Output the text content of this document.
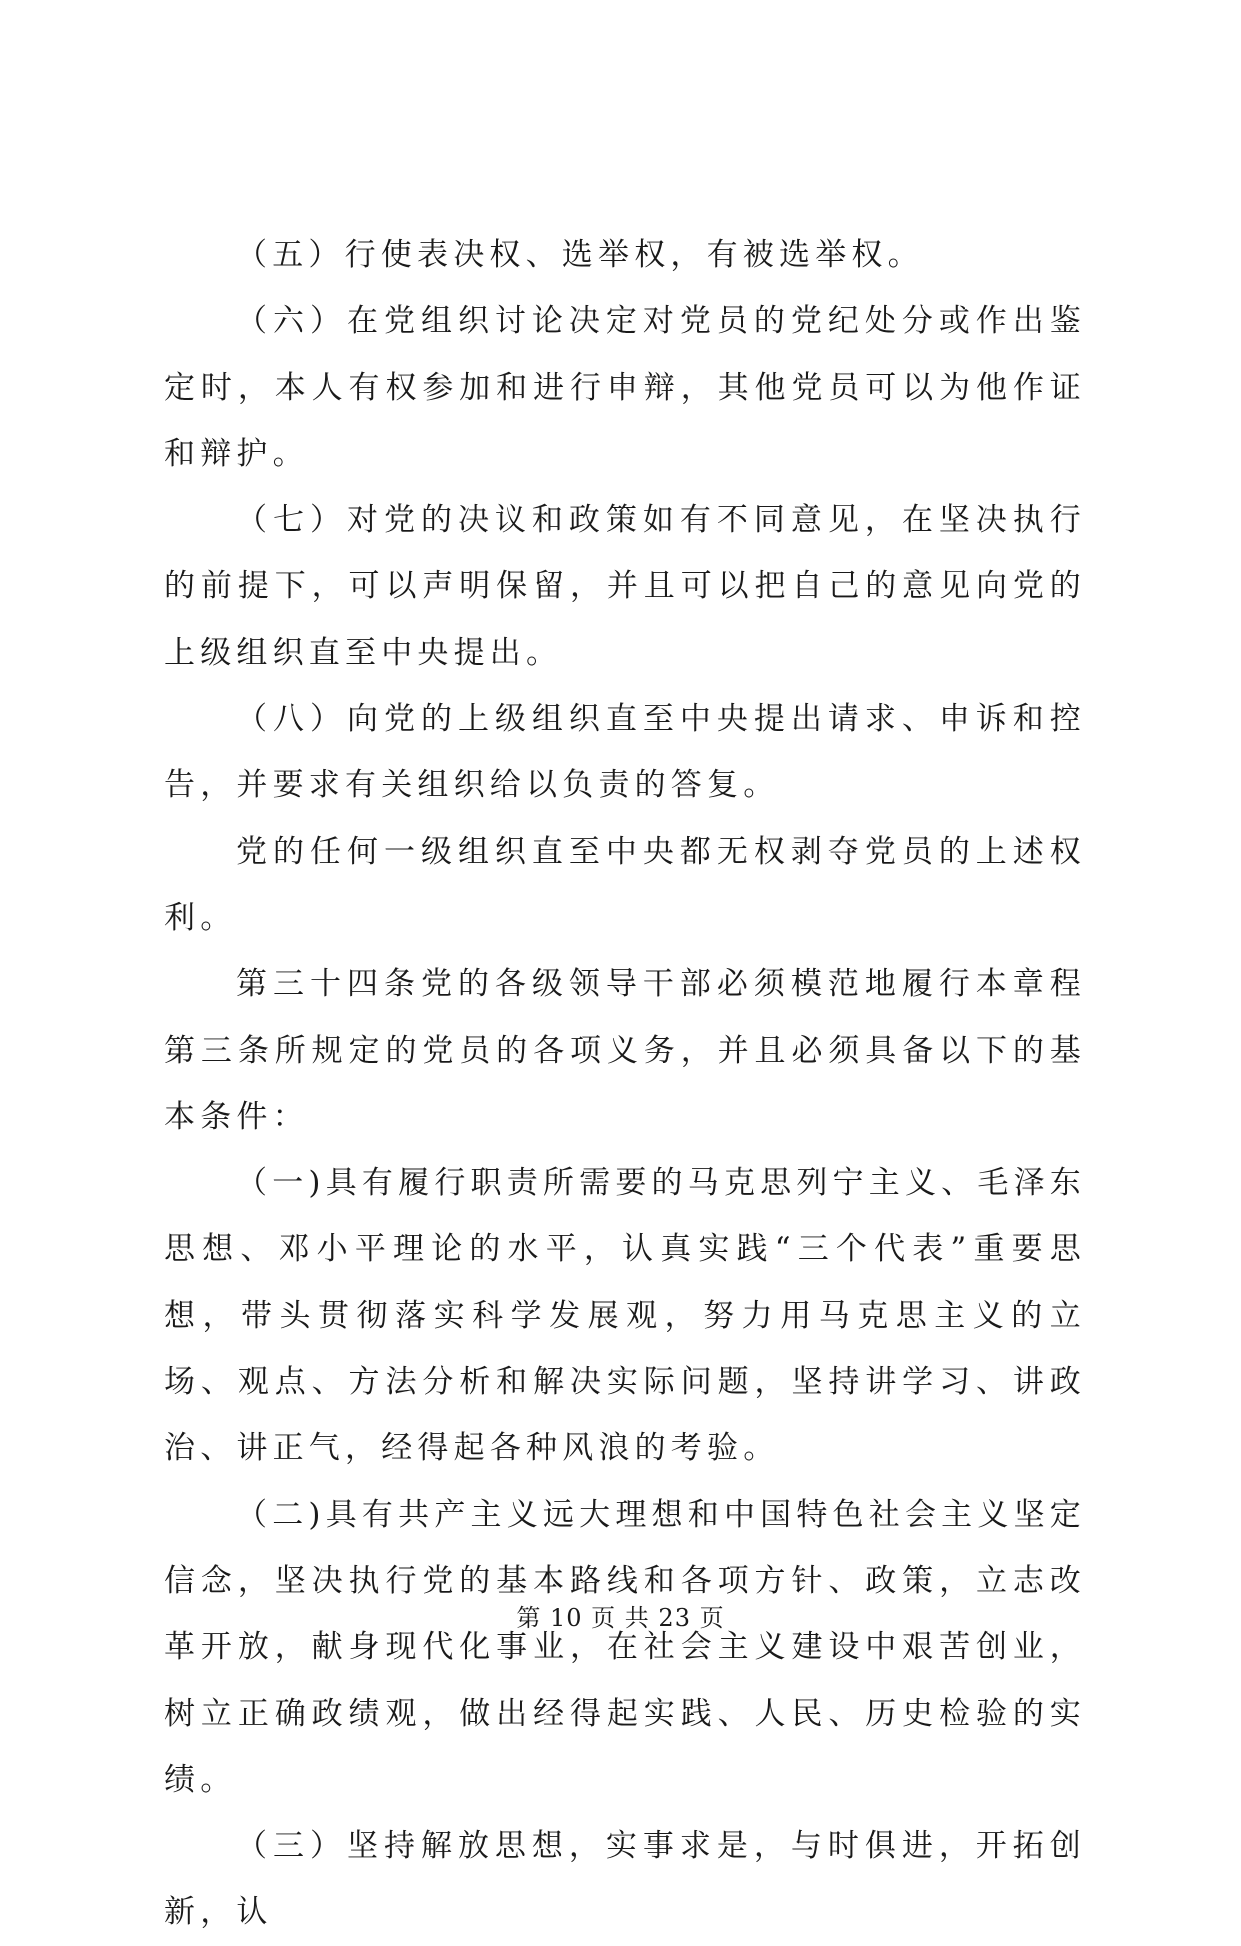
（五）行使表决权、选举权，有被选举权。

（六）在党组织讨论决定对党员的党纪处分或作出鉴定时，本人有权参加和进行申辩，其他党员可以为他作证和辩护。

（七）对党的决议和政策如有不同意见，在坚决执行的前提下，可以声明保留，并且可以把自己的意见向党的上级组织直至中央提出。

（八）向党的上级组织直至中央提出请求、申诉和控告，并要求有关组织给以负责的答复。

党的任何一级组织直至中央都无权剥夺党员的上述权利。

第三十四条党的各级领导干部必须模范地履行本章程第三条所规定的党员的各项义务，并且必须具备以下的基本条件：

（一)具有履行职责所需要的马克思列宁主义、毛泽东思想、邓小平理论的水平，认真实践“三个代表”重要思想，带头贯彻落实科学发展观，努力用马克思主义的立场、观点、方法分析和解决实际问题，坚持讲学习、讲政治、讲正气，经得起各种风浪的考验。

（二)具有共产主义远大理想和中国特色社会主义坚定信念，坚决执行党的基本路线和各项方针、政策，立志改革开放，献身现代化事业，在社会主义建设中艰苦创业，树立正确政绩观，做出经得起实践、人民、历史检验的实绩。

（三）坚持解放思想，实事求是，与时俱进，开拓创新，认

第 10 页 共 23 页
